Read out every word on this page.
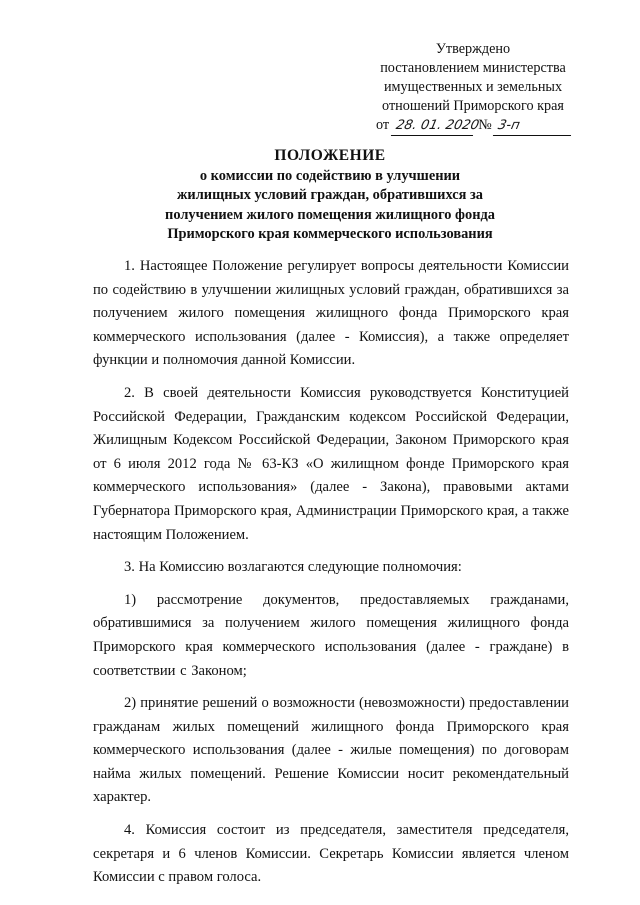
Утверждено
постановлением министерства
имущественных и земельных
отношений Приморского края
от 28. 01. 2020 № 3-п
ПОЛОЖЕНИЕ
о комиссии по содействию в улучшении
жилищных условий граждан, обратившихся за
получением жилого помещения жилищного фонда
Приморского края коммерческого использования

1. Настоящее Положение регулирует вопросы деятельности Комиссии по содействию в улучшении жилищных условий граждан, обратившихся за получением жилого помещения жилищного фонда Приморского края коммерческого использования (далее - Комиссия), а также определяет функции и полномочия данной Комиссии.

2. В своей деятельности Комиссия руководствуется Конституцией Российской Федерации, Гражданским кодексом Российской Федерации, Жилищным Кодексом Российской Федерации, Законом Приморского края от 6 июля 2012 года № 63-КЗ «О жилищном фонде Приморского края коммерческого использования» (далее - Закона), правовыми актами Губернатора Приморского края, Администрации Приморского края, а также настоящим Положением.

3. На Комиссию возлагаются следующие полномочия:

1) рассмотрение документов, предоставляемых гражданами, обратившимися за получением жилого помещения жилищного фонда Приморского края коммерческого использования (далее - граждане) в соответствии с Законом;

2) принятие решений о возможности (невозможности) предоставлении гражданам жилых помещений жилищного фонда Приморского края коммерческого использования (далее - жилые помещения) по договорам найма жилых помещений. Решение Комиссии носит рекомендательный характер.

4. Комиссия состоит из председателя, заместителя председателя, секретаря и 6 членов Комиссии. Секретарь Комиссии является членом Комиссии с правом голоса.
